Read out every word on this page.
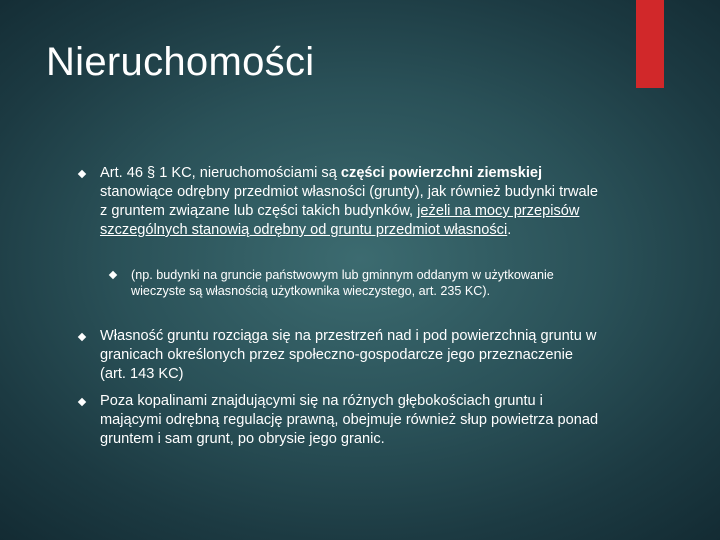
Nieruchomości

Art. 46 § 1 KC, nieruchomościami są części powierzchni ziemskiej stanowiące odrębny przedmiot własności (grunty), jak również budynki trwale z gruntem związane lub części takich budynków, jeżeli na mocy przepisów szczególnych stanowią odrębny od gruntu przedmiot własności.

(np. budynki na gruncie państwowym lub gminnym oddanym w użytkowanie wieczyste są własnością użytkownika wieczystego, art. 235 KC).

Własność gruntu rozciąga się na przestrzeń nad i pod powierzchnią gruntu w granicach określonych przez społeczno-gospodarcze jego przeznaczenie (art. 143 KC)

Poza kopalinami znajdującymi się na różnych głębokościach gruntu i mającymi odrębną regulację prawną, obejmuje również słup powietrza ponad gruntem i sam grunt, po obrysie jego granic.
